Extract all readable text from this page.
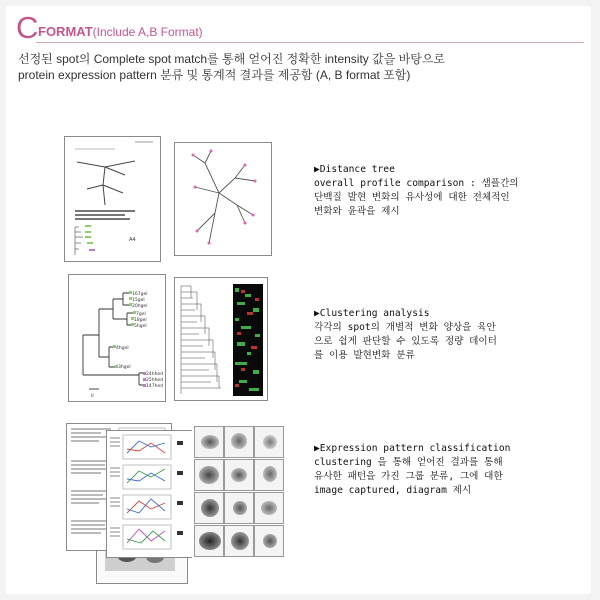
C FORMAT(Include A,B Format)
선정된 spot의 Complete spot match를 통해 얻어진 정확한 intensity 값을 바탕으로
protein expression pattern 분류 및 통계적 결과를 제공함 (A, B format 포함)
A4
▶Distance tree
overall profile comparison : 샘플간의
단백질 발현 변화의 유사성에 대한 전체적인
변화와 윤곽을 제시
167gel
15gel
20hgel
7gel
18gel
5hgel
4hgel
3hgel
24hhed
25hhed
147hed
II
▶Clustering analysis
각각의 spot의 개별적 변화 양상을 육안
으로 쉽게 판단할 수 있도록 정량 데이터
를 이용 발현변화 분류
▶Expression pattern classification
clustering 을 통해 얻어진 결과를 통해
유사한 패턴을 가진 그룹 분류, 그에 대한
image captured, diagram 제시
